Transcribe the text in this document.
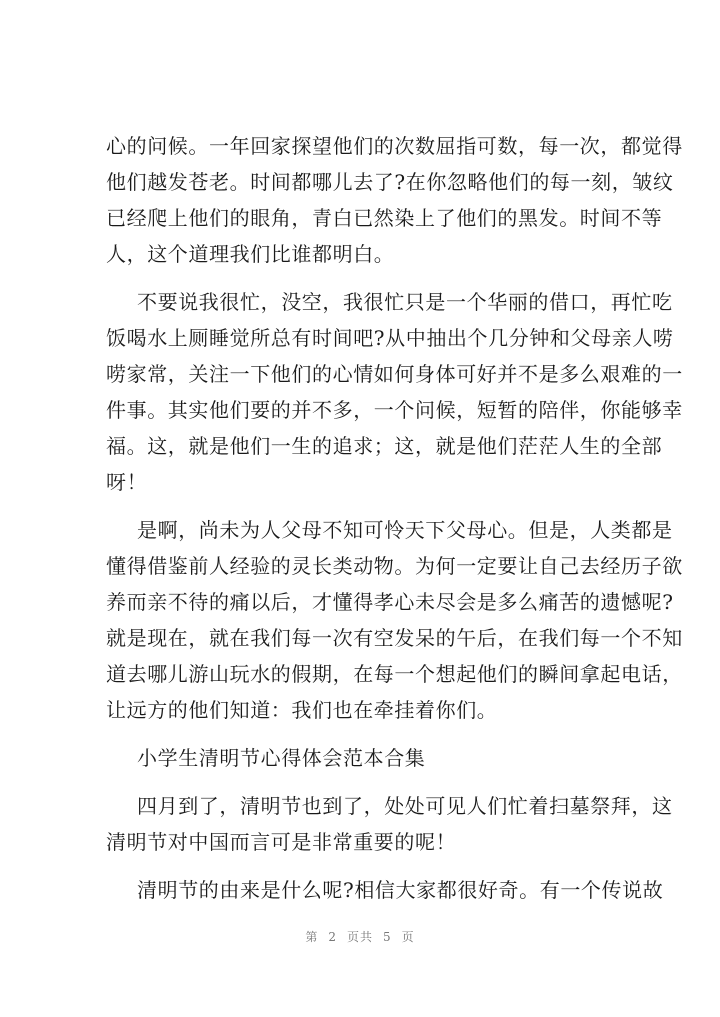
心的问候。一年回家探望他们的次数屈指可数，每一次，都觉得
他们越发苍老。时间都哪儿去了?在你忽略他们的每一刻，皱纹
已经爬上他们的眼角，青白已然染上了他们的黑发。时间不等
人，这个道理我们比谁都明白。
不要说我很忙，没空，我很忙只是一个华丽的借口，再忙吃
饭喝水上厕睡觉所总有时间吧?从中抽出个几分钟和父母亲人唠
唠家常，关注一下他们的心情如何身体可好并不是多么艰难的一
件事。其实他们要的并不多，一个问候，短暂的陪伴，你能够幸
福。这，就是他们一生的追求；这，就是他们茫茫人生的全部
呀！
是啊，尚未为人父母不知可怜天下父母心。但是，人类都是
懂得借鉴前人经验的灵长类动物。为何一定要让自己去经历子欲
养而亲不待的痛以后，才懂得孝心未尽会是多么痛苦的遗憾呢?
就是现在，就在我们每一次有空发呆的午后，在我们每一个不知
道去哪儿游山玩水的假期，在每一个想起他们的瞬间拿起电话，
让远方的他们知道：我们也在牵挂着你们。
小学生清明节心得体会范本合集
四月到了，清明节也到了，处处可见人们忙着扫墓祭拜，这
清明节对中国而言可是非常重要的呢！
清明节的由来是什么呢?相信大家都很好奇。有一个传说故
第 2 页共 5 页
